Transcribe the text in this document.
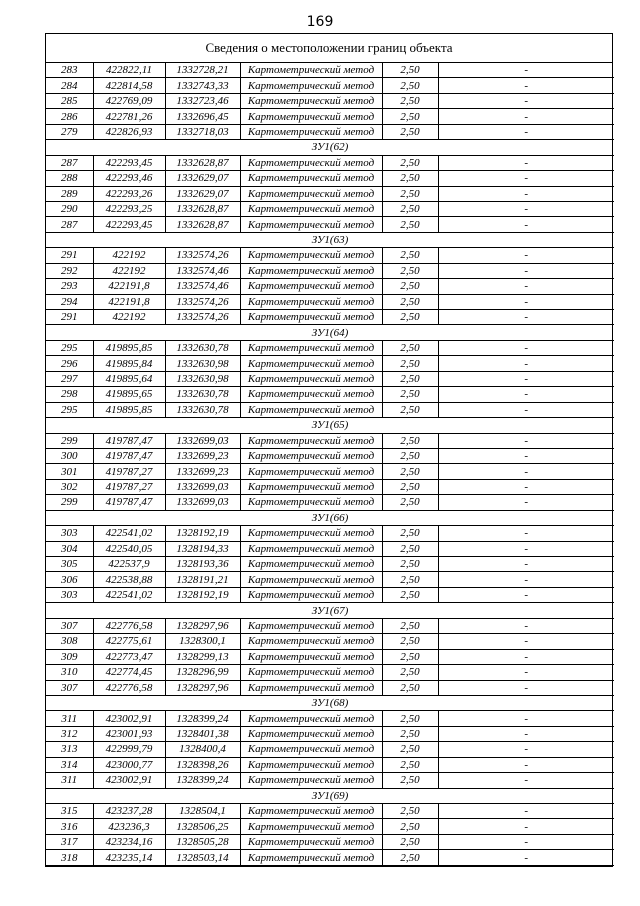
169
Сведения о местоположении границ объекта
283	422822,11	1332728,21	Картометрический метод	2,50	-
284	422814,58	1332743,33	Картометрический метод	2,50	-
285	422769,09	1332723,46	Картометрический метод	2,50	-
286	422781,26	1332696,45	Картометрический метод	2,50	-
279	422826,93	1332718,03	Картометрический метод	2,50	-
ЗУ1(62)					
287	422293,45	1332628,87	Картометрический метод	2,50	-
288	422293,46	1332629,07	Картометрический метод	2,50	-
289	422293,26	1332629,07	Картометрический метод	2,50	-
290	422293,25	1332628,87	Картометрический метод	2,50	-
287	422293,45	1332628,87	Картометрический метод	2,50	-
ЗУ1(63)					
291	422192	1332574,26	Картометрический метод	2,50	-
292	422192	1332574,46	Картометрический метод	2,50	-
293	422191,8	1332574,46	Картометрический метод	2,50	-
294	422191,8	1332574,26	Картометрический метод	2,50	-
291	422192	1332574,26	Картометрический метод	2,50	-
ЗУ1(64)					
295	419895,85	1332630,78	Картометрический метод	2,50	-
296	419895,84	1332630,98	Картометрический метод	2,50	-
297	419895,64	1332630,98	Картометрический метод	2,50	-
298	419895,65	1332630,78	Картометрический метод	2,50	-
295	419895,85	1332630,78	Картометрический метод	2,50	-
ЗУ1(65)					
299	419787,47	1332699,03	Картометрический метод	2,50	-
300	419787,47	1332699,23	Картометрический метод	2,50	-
301	419787,27	1332699,23	Картометрический метод	2,50	-
302	419787,27	1332699,03	Картометрический метод	2,50	-
299	419787,47	1332699,03	Картометрический метод	2,50	-
ЗУ1(66)					
303	422541,02	1328192,19	Картометрический метод	2,50	-
304	422540,05	1328194,33	Картометрический метод	2,50	-
305	422537,9	1328193,36	Картометрический метод	2,50	-
306	422538,88	1328191,21	Картометрический метод	2,50	-
303	422541,02	1328192,19	Картометрический метод	2,50	-
ЗУ1(67)					
307	422776,58	1328297,96	Картометрический метод	2,50	-
308	422775,61	1328300,1	Картометрический метод	2,50	-
309	422773,47	1328299,13	Картометрический метод	2,50	-
310	422774,45	1328296,99	Картометрический метод	2,50	-
307	422776,58	1328297,96	Картометрический метод	2,50	-
ЗУ1(68)					
311	423002,91	1328399,24	Картометрический метод	2,50	-
312	423001,93	1328401,38	Картометрический метод	2,50	-
313	422999,79	1328400,4	Картометрический метод	2,50	-
314	423000,77	1328398,26	Картометрический метод	2,50	-
311	423002,91	1328399,24	Картометрический метод	2,50	-
ЗУ1(69)					
315	423237,28	1328504,1	Картометрический метод	2,50	-
316	423236,3	1328506,25	Картометрический метод	2,50	-
317	423234,16	1328505,28	Картометрический метод	2,50	-
318	423235,14	1328503,14	Картометрический метод	2,50	-
